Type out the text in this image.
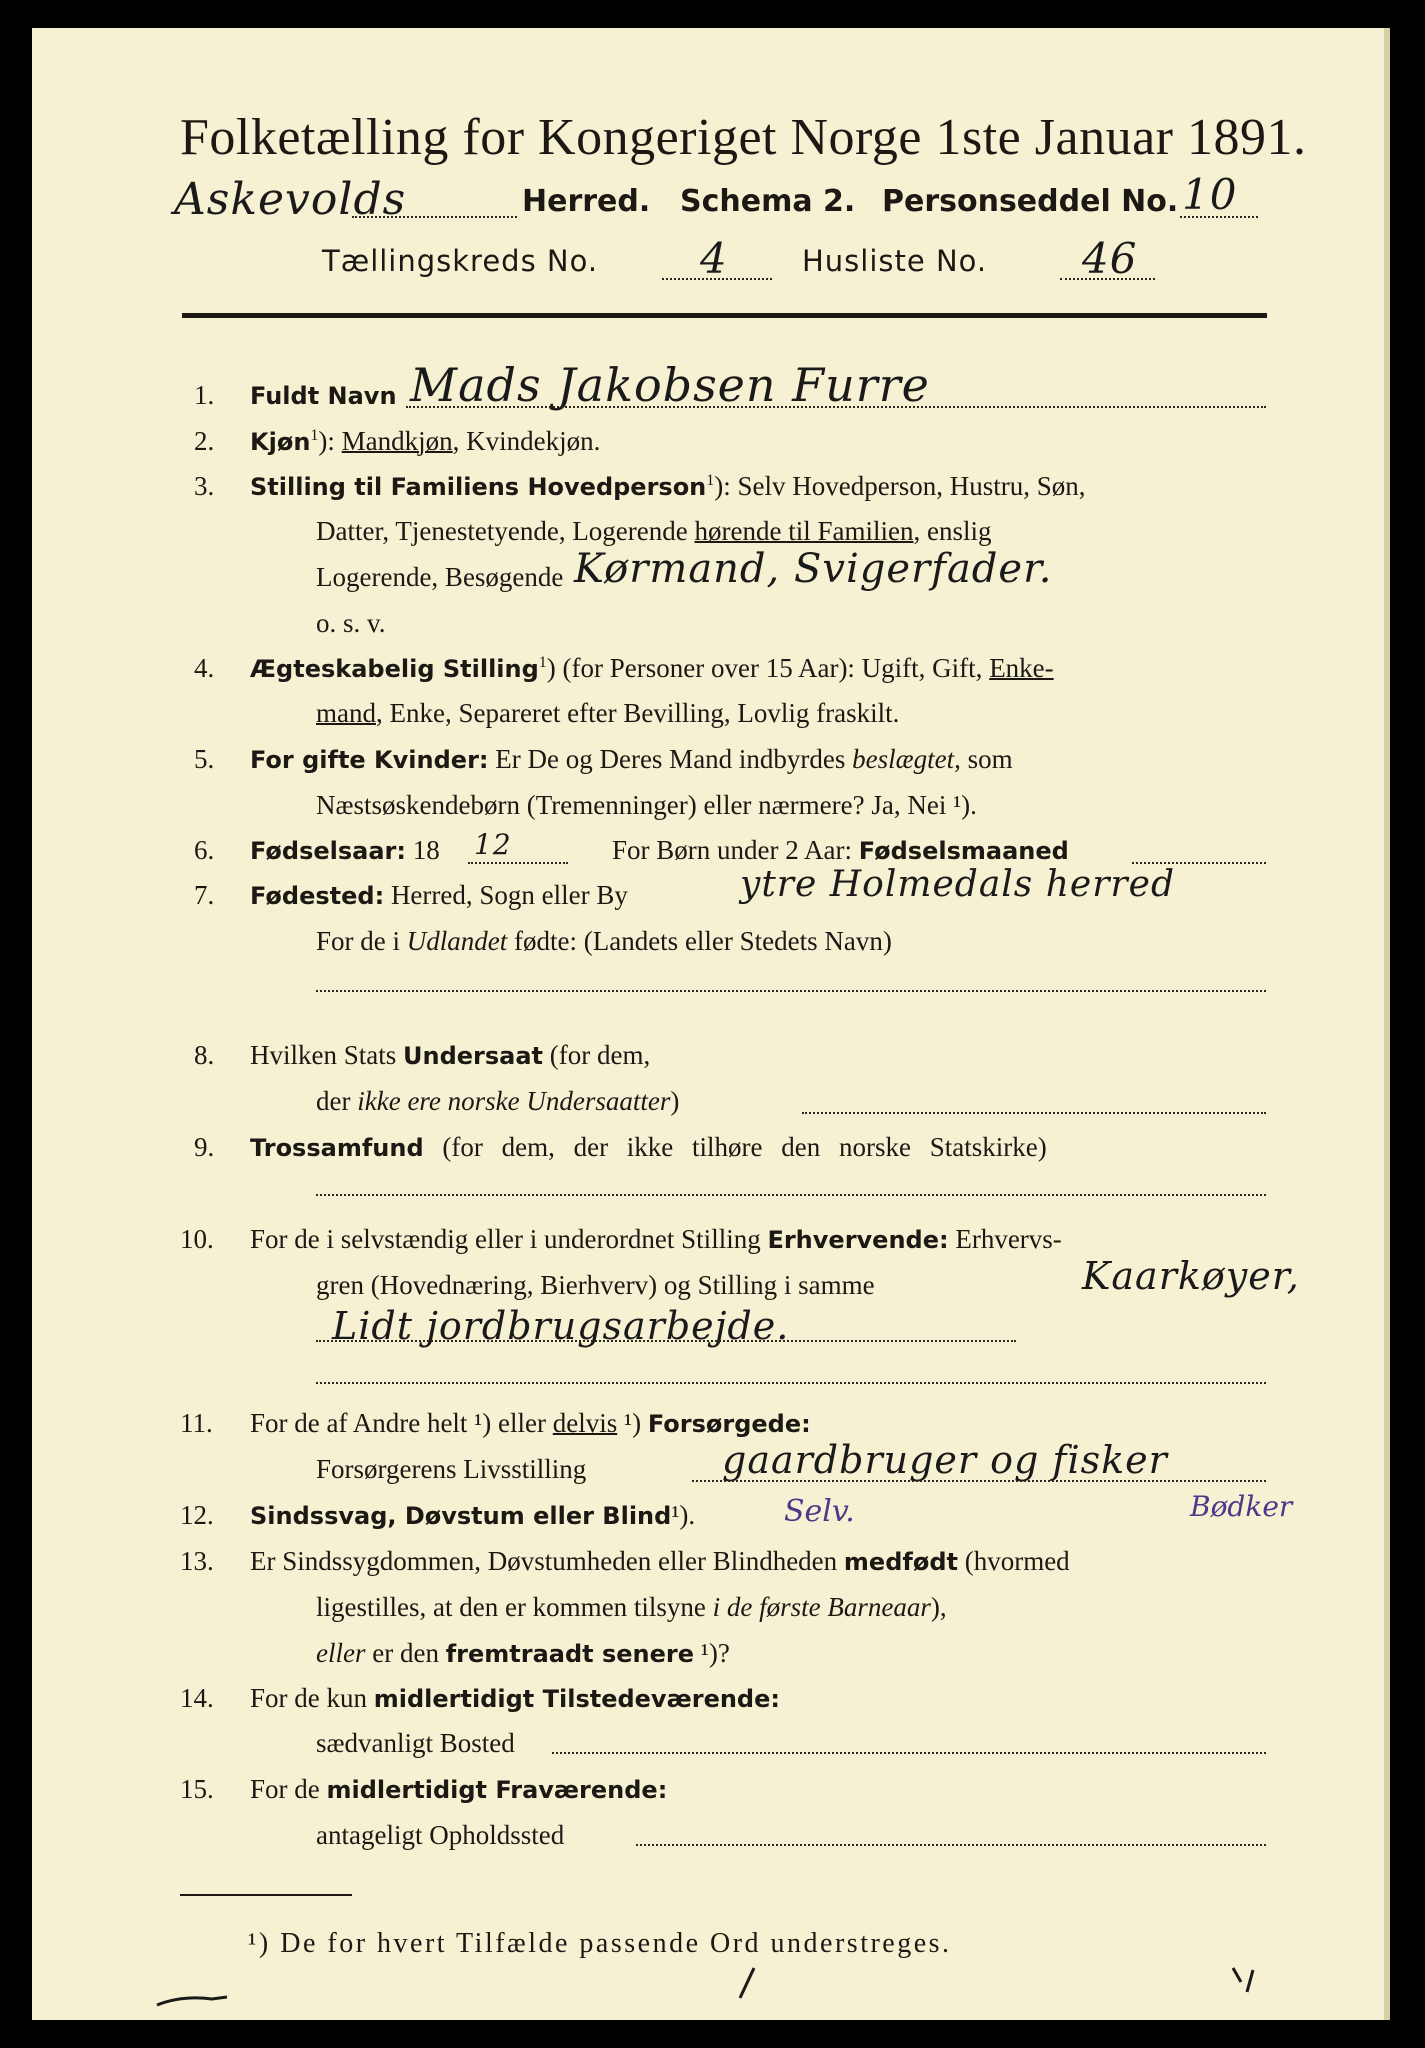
Folketælling for Kongeriget Norge 1ste Januar 1891.
Askevolds	Herred. Schema 2. Personseddel No. 10
Tællingskreds No. 4	Husliste No. 46
1. Fuldt Navn Mads Jakobsen Furre
2. Kjøn$^1$): Mandkjøn, Kvindekjøn.
3. Stilling til Familiens Hovedperson$^1$): Selv Hovedperson, Hustru, Søn,
Datter, Tjenestetyende, Logerende hørende til Familien, enslig
Logerende, Besøgende Kørmand, Svigerfader.
o. s. v.
4. Ægteskabelig Stilling$^1$) (for Personer over 15 Aar): Ugift, Gift, Enke-
mand, Enke, Separeret efter Bevilling, Lovlig fraskilt.
5. For gifte Kvinder: Er De og Deres Mand indbyrdes beslægtet, som
Næstsøskendebørn (Tremenninger) eller nærmere? Ja, Nei ¹).
6. Fødselsaar: 18 12	For Børn under 2 Aar: Fødselsmaaned
7. Fødested: Herred, Sogn eller By	ytre Holmedals herred
For de i Udlandet fødte: (Landets eller Stedets Navn)
8. Hvilken Stats Undersaat (for dem,
der ikke ere norske Undersaatter)
9. Trossamfund (for dem, der ikke tilhøre den norske Statskirke)
10. For de i selvstændig eller i underordnet Stilling Erhvervende: Erhvervs-
gren (Hovednæring, Bierhverv) og Stilling i samme	Kaarkøyer,
Lidt jordbrugsarbejde.
11. For de af Andre helt ¹) eller delvis ¹) Forsørgede:
Forsørgerens Livsstilling	gaardbruger og fisker
12. Sindssvag, Døvstum eller Blind¹).	Selv.	Bødker
13. Er Sindssygdommen, Døvstumheden eller Blindheden medfødt (hvormed
ligestilles, at den er kommen tilsyne i de første Barneaar),
eller er den fremtraadt senere ¹)?
14. For de kun midlertidigt Tilstedeværende:
sædvanligt Bosted
15. For de midlertidigt Fraværende:
antageligt Opholdssted
¹) De for hvert Tilfælde passende Ord understreges.
